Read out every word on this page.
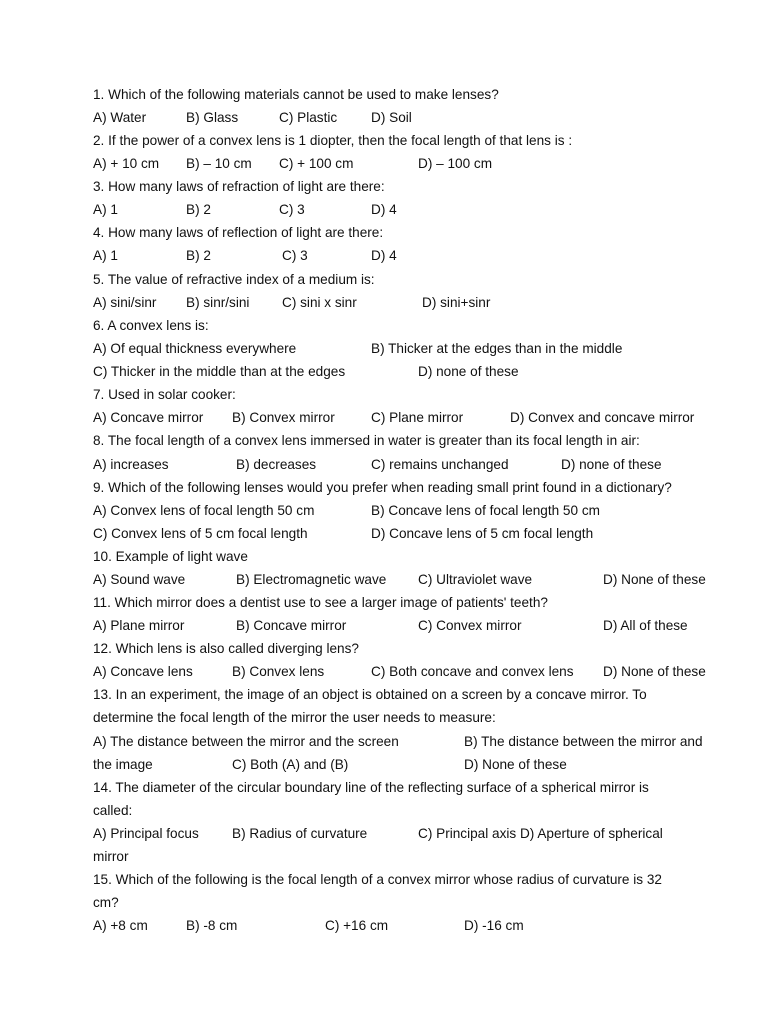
1. Which of the following materials cannot be used to make lenses?
A) Water	B) Glass	C) Plastic D) Soil
2. If the power of a convex lens is 1 diopter, then the focal length of that lens is :
A) + 10 cm B) – 10 cm C) + 100 cm	D) – 100 cm
3. How many laws of refraction of light are there:
A) 1	B) 2	C) 3	D) 4
4. How many laws of reflection of light are there:
A) 1	B) 2	C) 3	D) 4
5. The value of refractive index of a medium is:
A) sini/sinr B) sinr/sini C) sini x sinr	D) sini+sinr
6. A convex lens is:
A) Of equal thickness everywhere	B) Thicker at the edges than in the middle
C) Thicker in the middle than at the edges	D) none of these
7. Used in solar cooker:
A) Concave mirror B) Convex mirror	C) Plane mirror	D) Convex and concave mirror
8. The focal length of a convex lens immersed in water is greater than its focal length in air:
A) increases	B) decreases	C) remains unchanged	D) none of these
9. Which of the following lenses would you prefer when reading small print found in a dictionary?
A) Convex lens of focal length 50 cm	B) Concave lens of focal length 50 cm
C) Convex lens of 5 cm focal length	D) Concave lens of 5 cm focal length
10. Example of light wave
A) Sound wave	B) Electromagnetic wave C) Ultraviolet wave	D) None of these
11. Which mirror does a dentist use to see a larger image of patients' teeth?
A) Plane mirror	B) Concave mirror	C) Convex mirror	D) All of these
12. Which lens is also called diverging lens?
A) Concave lens	B) Convex lens	C) Both concave and convex lens D) None of these
13. In an experiment, the image of an object is obtained on a screen by a concave mirror. To
determine the focal length of the mirror the user needs to measure:
A) The distance between the mirror and the screen	B) The distance between the mirror and
the image	C) Both (A) and (B)	D) None of these
14. The diameter of the circular boundary line of the reflecting surface of a spherical mirror is
called:
A) Principal focus B) Radius of curvature	C) Principal axis D) Aperture of spherical
mirror
15. Which of the following is the focal length of a convex mirror whose radius of curvature is 32
cm?
A) +8 cm	B) -8 cm	C) +16 cm	D) -16 cm
